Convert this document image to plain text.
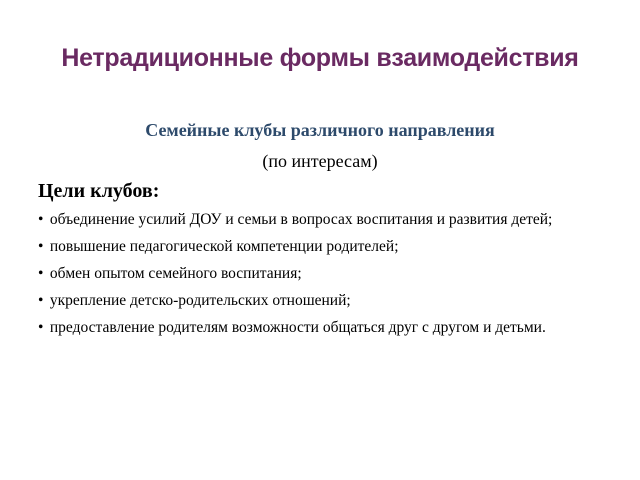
Нетрадиционные формы взаимодействия
Семейные клубы различного направления
(по интересам)
Цели клубов:
• объединение усилий ДОУ и семьи в вопросах воспитания и развития детей;
• повышение педагогической компетенции родителей;
• обмен опытом семейного воспитания;
• укрепление детско-родительских отношений;
• предоставление родителям возможности общаться друг с другом и детьми.
